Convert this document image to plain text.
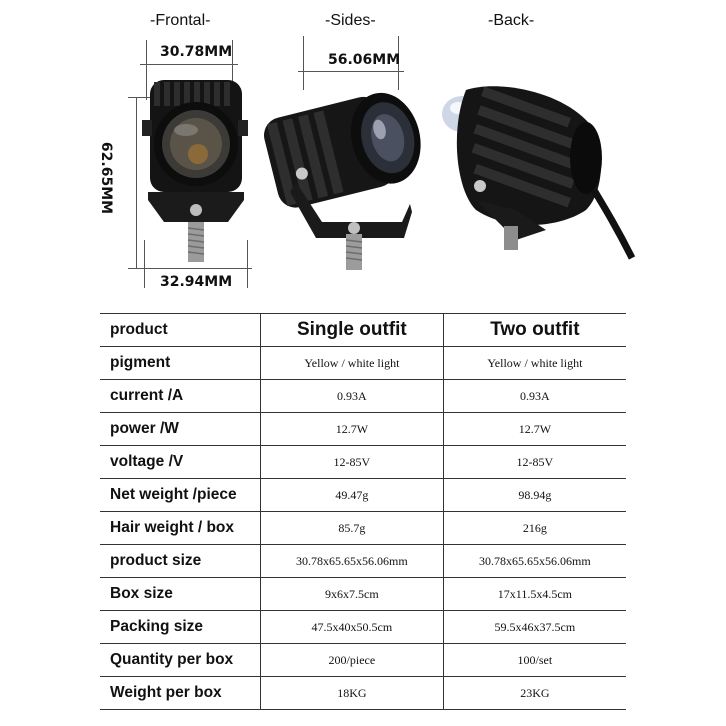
-Frontal-	-Sides-	-Back-
30.78MM
62.65MM
32.94MM
56.06MM
product	Single outfit	Two outfit
pigment	Yellow / white light	Yellow / white light
current /A	0.93A	0.93A
power /W	12.7W	12.7W
voltage /V	12-85V	12-85V
Net weight /piece	49.47g	98.94g
Hair weight / box	85.7g	216g
product size	30.78x65.65x56.06mm	30.78x65.65x56.06mm
Box size	9x6x7.5cm	17x11.5x4.5cm
Packing size	47.5x40x50.5cm	59.5x46x37.5cm
Quantity per box	200/piece	100/set
Weight per box	18KG	23KG
